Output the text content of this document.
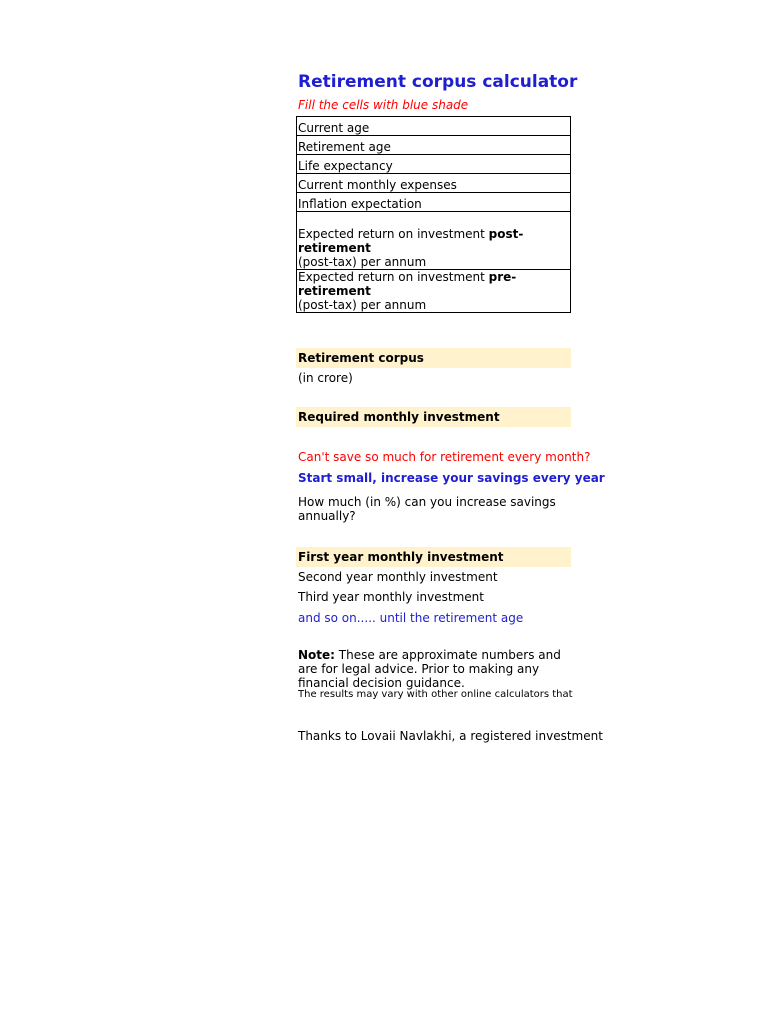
Retirement corpus calculator
Fill the cells with blue shade
Current age
Retirement age
Life expectancy
Current monthly expenses
Inflation expectation
Expected return on investment post-retirement
(post-tax) per annum
Expected return on investment pre-retirement
(post-tax) per annum
Retirement corpus
(in crore)
Required monthly investment
Can't save so much for retirement every month?
Start small, increase your savings every year
How much (in %) can you increase savings annually?
First year monthly investment
Second year monthly investment
Third year monthly investment
and so on..... until the retirement age
Note: These are approximate numbers and are for legal advice. Prior to making any financial decision guidance.
The results may vary with other online calculators that
Thanks to Lovaii Navlakhi, a registered investment
